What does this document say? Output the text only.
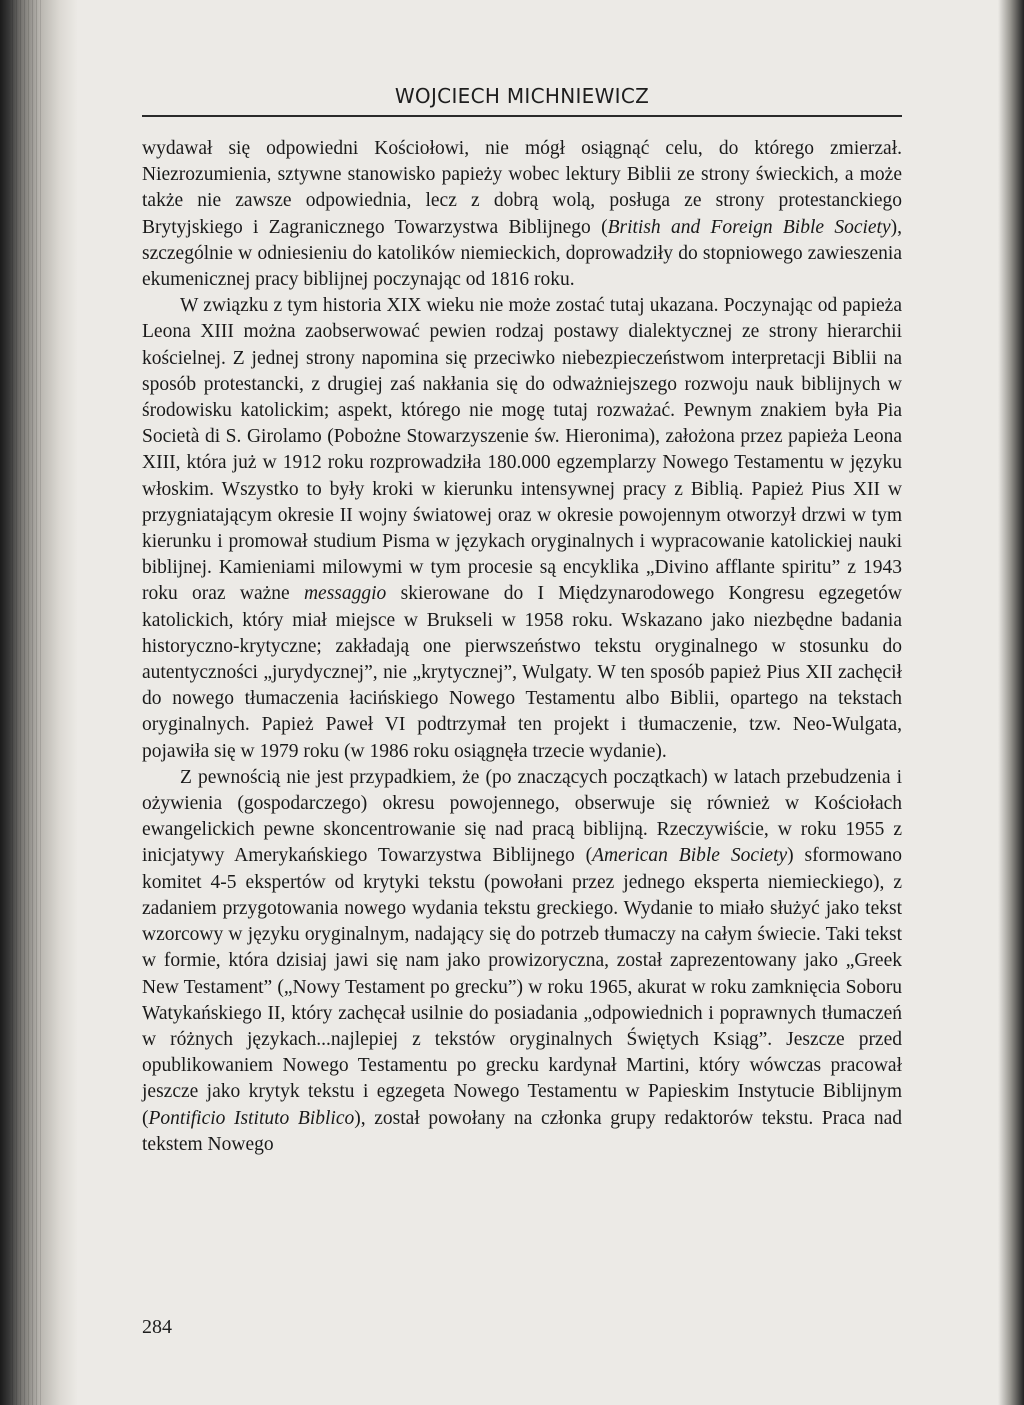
WOJCIECH MICHNIEWICZ

wydawał się odpowiedni Kościołowi, nie mógł osiągnąć celu, do którego zmierzał. Niezrozumienia, sztywne stanowisko papieży wobec lektury Biblii ze strony świeckich, a może także nie zawsze odpowiednia, lecz z dobrą wolą, posługa ze strony protestanckiego Brytyjskiego i Zagranicznego Towarzystwa Biblijnego (British and Foreign Bible Society), szczególnie w odniesieniu do katolików niemieckich, doprowadziły do stopniowego zawieszenia ekumenicznej pracy biblijnej poczynając od 1816 roku.

W związku z tym historia XIX wieku nie może zostać tutaj ukazana. Poczynając od papieża Leona XIII można zaobserwować pewien rodzaj postawy dialektycznej ze strony hierarchii kościelnej. Z jednej strony napomina się przeciwko niebezpieczeństwom interpretacji Biblii na sposób protestancki, z drugiej zaś nakłania się do odważniejszego rozwoju nauk biblijnych w środowisku katolickim; aspekt, którego nie mogę tutaj rozważać. Pewnym znakiem była Pia Società di S. Girolamo (Pobożne Stowarzyszenie św. Hieronima), założona przez papieża Leona XIII, która już w 1912 roku rozprowadziła 180.000 egzemplarzy Nowego Testamentu w języku włoskim. Wszystko to były kroki w kierunku intensywnej pracy z Biblią. Papież Pius XII w przygniatającym okresie II wojny światowej oraz w okresie powojennym otworzył drzwi w tym kierunku i promował studium Pisma w językach oryginalnych i wypracowanie katolickiej nauki biblijnej. Kamieniami milowymi w tym procesie są encyklika „Divino afflante spiritu” z 1943 roku oraz ważne messaggio skierowane do I Międzynarodowego Kongresu egzegetów katolickich, który miał miejsce w Brukseli w 1958 roku. Wskazano jako niezbędne badania historyczno-krytyczne; zakładają one pierwszeństwo tekstu oryginalnego w stosunku do autentyczności „jurydycznej”, nie „krytycznej”, Wulgaty. W ten sposób papież Pius XII zachęcił do nowego tłumaczenia łacińskiego Nowego Testamentu albo Biblii, opartego na tekstach oryginalnych. Papież Paweł VI podtrzymał ten projekt i tłumaczenie, tzw. Neo-Wulgata, pojawiła się w 1979 roku (w 1986 roku osiągnęła trzecie wydanie).

Z pewnością nie jest przypadkiem, że (po znaczących początkach) w latach przebudzenia i ożywienia (gospodarczego) okresu powojennego, obserwuje się również w Kościołach ewangelickich pewne skoncentrowanie się nad pracą biblijną. Rzeczywiście, w roku 1955 z inicjatywy Amerykańskiego Towarzystwa Biblijnego (American Bible Society) sformowano komitet 4-5 ekspertów od krytyki tekstu (powołani przez jednego eksperta niemieckiego), z zadaniem przygotowania nowego wydania tekstu greckiego. Wydanie to miało służyć jako tekst wzorcowy w języku oryginalnym, nadający się do potrzeb tłumaczy na całym świecie. Taki tekst w formie, która dzisiaj jawi się nam jako prowizoryczna, został zaprezentowany jako „Greek New Testament” („Nowy Testament po grecku”) w roku 1965, akurat w roku zamknięcia Soboru Watykańskiego II, który zachęcał usilnie do posiadania „odpowiednich i poprawnych tłumaczeń w różnych językach...najlepiej z tekstów oryginalnych Świętych Ksiąg”. Jeszcze przed opublikowaniem Nowego Testamentu po grecku kardynał Martini, który wówczas pracował jeszcze jako krytyk tekstu i egzegeta Nowego Testamentu w Papieskim Instytucie Biblijnym (Pontificio Istituto Biblico), został powołany na członka grupy redaktorów tekstu. Praca nad tekstem Nowego

284
